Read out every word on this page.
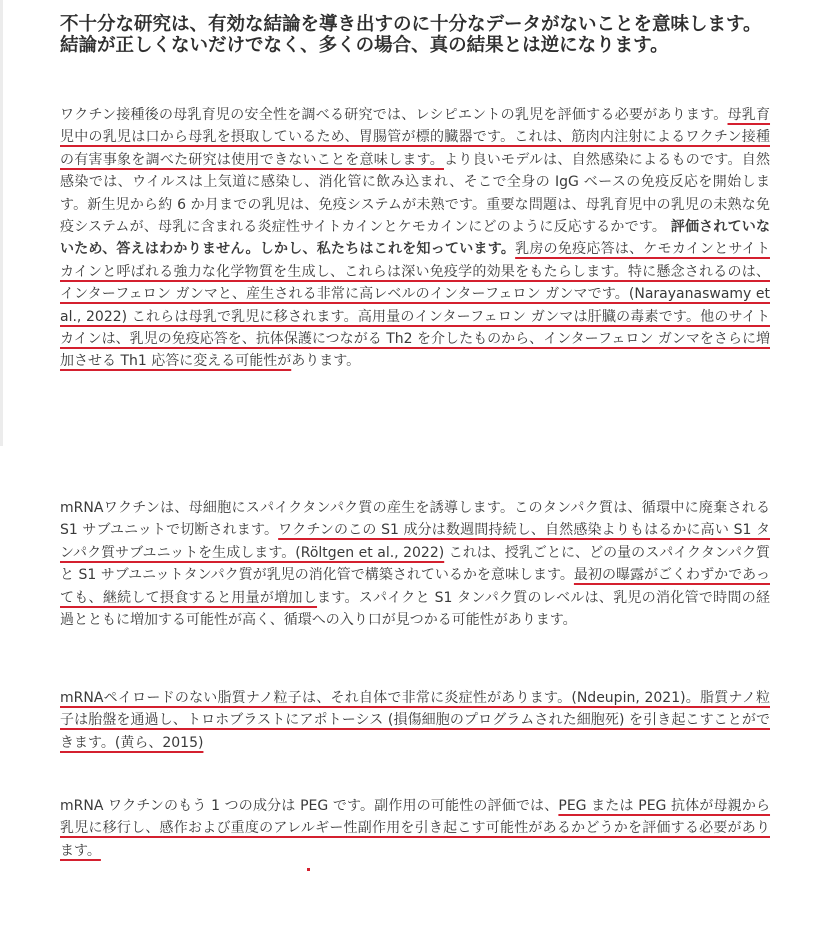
不十分な研究は、有効な結論を導き出すのに十分なデータがないことを意味します。結論が正しくないだけでなく、多くの場合、真の結果とは逆になります。

ワクチン接種後の母乳育児の安全性を調べる研究では、レシピエントの乳児を評価する必要があります。母乳育児中の乳児は口から母乳を摂取しているため、胃腸管が標的臓器です。これは、筋肉内注射によるワクチン接種の有害事象を調べた研究は使用できないことを意味します。より良いモデルは、自然感染によるものです。自然感染では、ウイルスは上気道に感染し、消化管に飲み込まれ、そこで全身の IgG ベースの免疫反応を開始します。新生児から約 6 か月までの乳児は、免疫システムが未熟です。重要な問題は、母乳育児中の乳児の未熟な免疫システムが、母乳に含まれる炎症性サイトカインとケモカインにどのように反応するかです。 評価されていないため、答えはわかりません。しかし、私たちはこれを知っています。乳房の免疫応答は、ケモカインとサイトカインと呼ばれる強力な化学物質を生成し、これらは深い免疫学的効果をもたらします。特に懸念されるのは、インターフェロン ガンマと、産生される非常に高レベルのインターフェロン ガンマです。(Narayanaswamy et al., 2022) これらは母乳で乳児に移されます。高用量のインターフェロン ガンマは肝臓の毒素です。他のサイトカインは、乳児の免疫応答を、抗体保護につながる Th2 を介したものから、インターフェロン ガンマをさらに増加させる Th1 応答に変える可能性があります。

mRNAワクチンは、母細胞にスパイクタンパク質の産生を誘導します。このタンパク質は、循環中に廃棄される S1 サブユニットで切断されます。ワクチンのこの S1 成分は数週間持続し、自然感染よりもはるかに高い S1 タンパク質サブユニットを生成します。(Röltgen et al., 2022) これは、授乳ごとに、どの量のスパイクタンパク質と S1 サブユニットタンパク質が乳児の消化管で構築されているかを意味します。最初の曝露がごくわずかであっても、継続して摂食すると用量が増加します。スパイクと S1 タンパク質のレベルは、乳児の消化管で時間の経過とともに増加する可能性が高く、循環への入り口が見つかる可能性があります。

mRNAペイロードのない脂質ナノ粒子は、それ自体で非常に炎症性があります。(Ndeupin, 2021)。脂質ナノ粒子は胎盤を通過し、トロホブラストにアポトーシス (損傷細胞のプログラムされた細胞死) を引き起こすことができます。(黄ら、2015)

mRNA ワクチンのもう 1 つの成分は PEG です。副作用の可能性の評価では、PEG または PEG 抗体が母親から乳児に移行し、感作および重度のアレルギー性副作用を引き起こす可能性があるかどうかを評価する必要があります。
